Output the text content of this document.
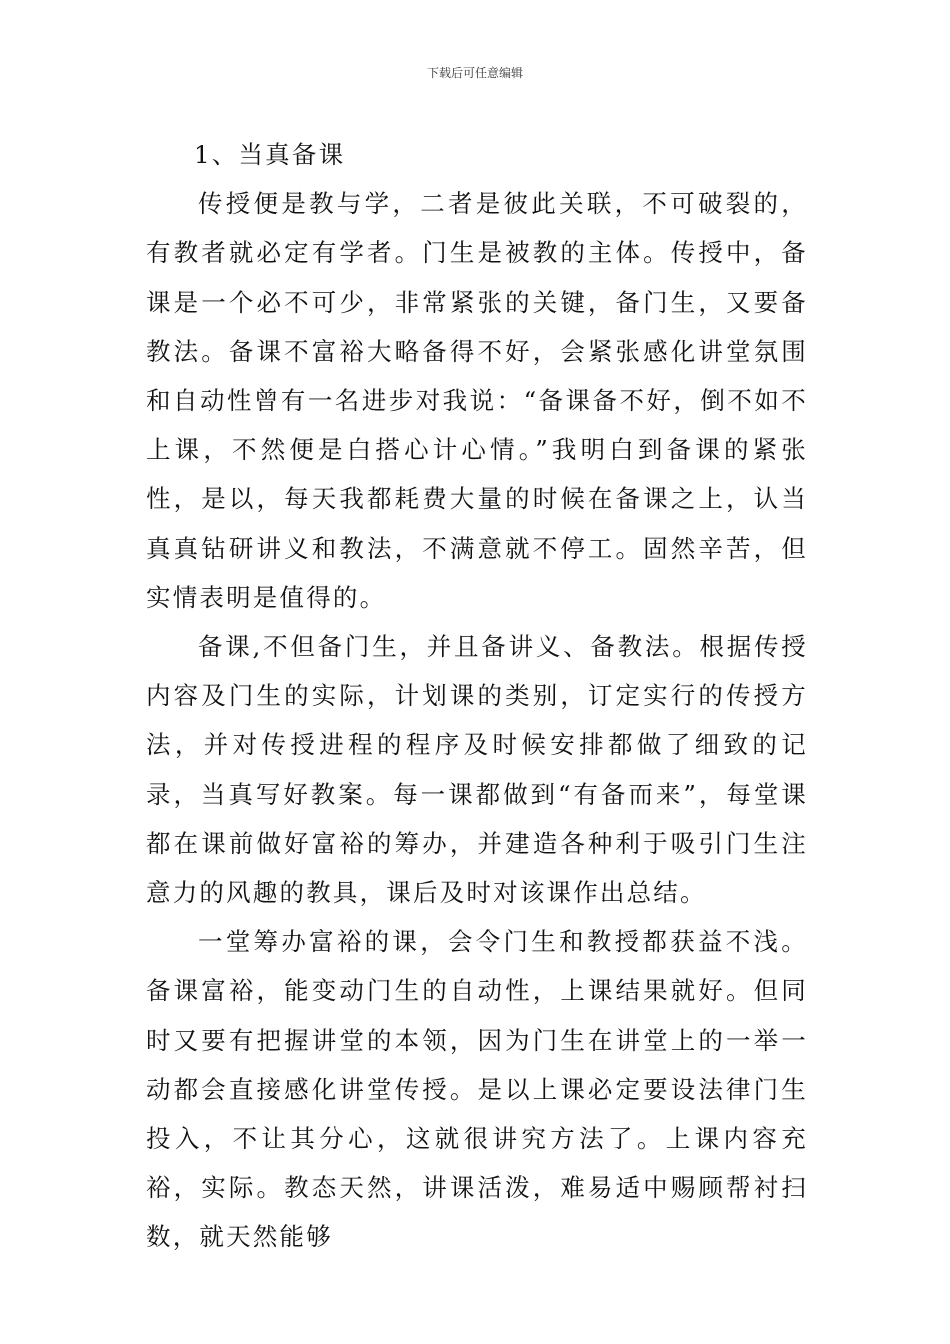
下载后可任意编辑

1、当真备课

传授便是教与学，二者是彼此关联，不可破裂的，有教者就必定有学者。门生是被教的主体。传授中，备课是一个必不可少，非常紧张的关键，备门生，又要备教法。备课不富裕大略备得不好，会紧张感化讲堂氛围和自动性曾有一名进步对我说：“备课备不好，倒不如不上课，不然便是白搭心计心情。”我明白到备课的紧张性，是以，每天我都耗费大量的时候在备课之上，认当真真钻研讲义和教法，不满意就不停工。固然辛苦，但实情表明是值得的。

备课,不但备门生，并且备讲义、备教法。根据传授内容及门生的实际，计划课的类别，订定实行的传授方法，并对传授进程的程序及时候安排都做了细致的记录，当真写好教案。每一课都做到“有备而来”，每堂课都在课前做好富裕的筹办，并建造各种利于吸引门生注意力的风趣的教具，课后及时对该课作出总结。

一堂筹办富裕的课，会令门生和教授都获益不浅。备课富裕，能变动门生的自动性，上课结果就好。但同时又要有把握讲堂的本领，因为门生在讲堂上的一举一动都会直接感化讲堂传授。是以上课必定要设法律门生投入，不让其分心，这就很讲究方法了。上课内容充裕，实际。教态天然，讲课活泼，难易适中赐顾帮衬扫数，就天然能够
